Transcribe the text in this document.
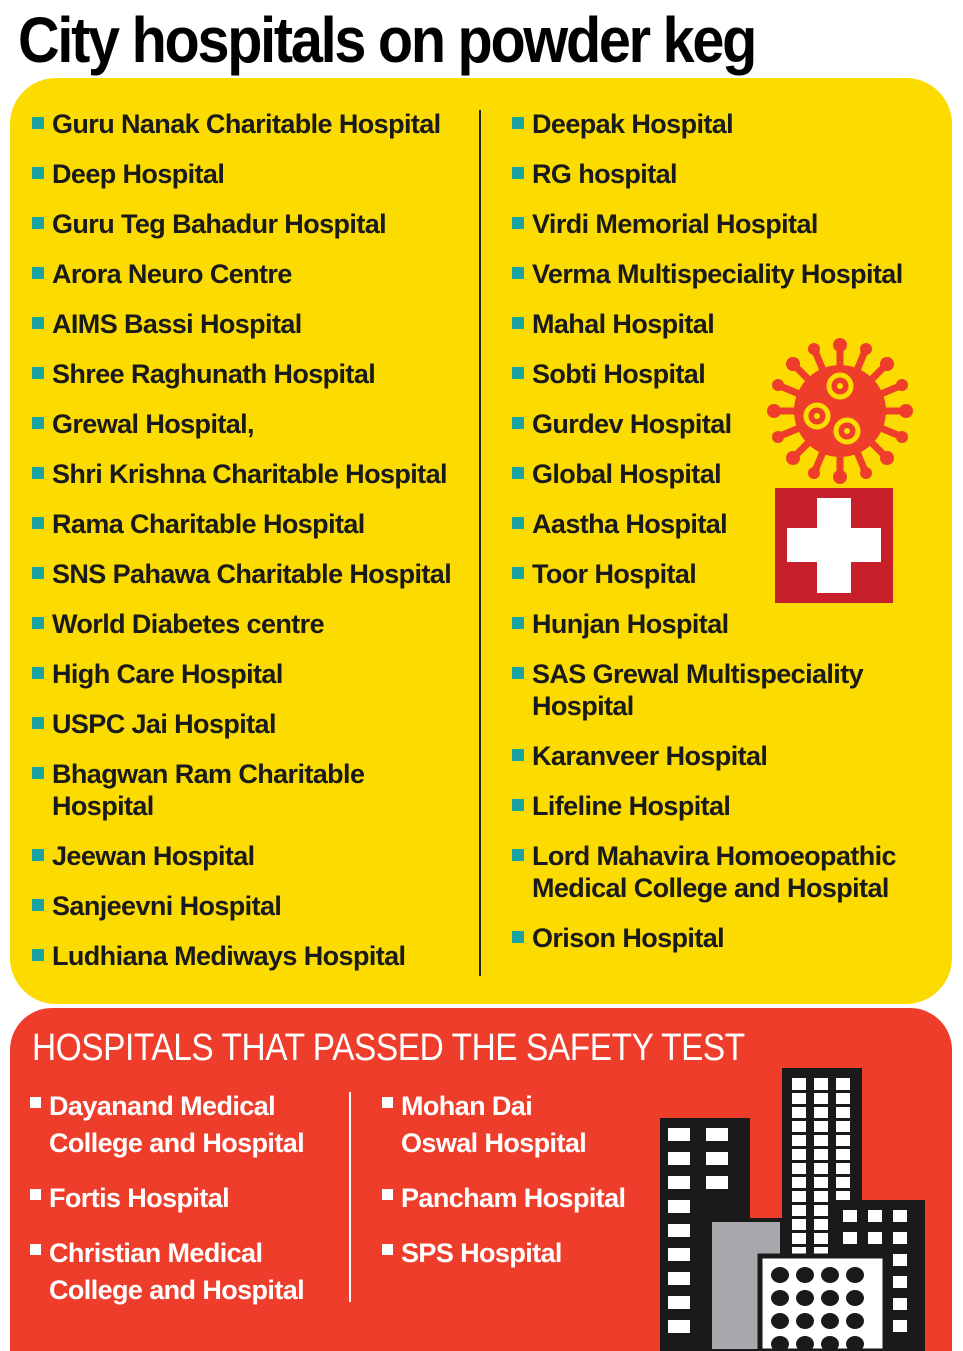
City hospitals on powder keg
Guru Nanak Charitable Hospital
Deep Hospital
Guru Teg Bahadur Hospital
Arora Neuro Centre
AIMS Bassi Hospital
Shree Raghunath Hospital
Grewal Hospital,
Shri Krishna Charitable Hospital
Rama Charitable Hospital
SNS Pahawa Charitable Hospital
World Diabetes centre
High Care Hospital
USPC Jai Hospital
Bhagwan Ram Charitable
Hospital
Jeewan Hospital
Sanjeevni Hospital
Ludhiana Mediways Hospital
Deepak Hospital
RG hospital
Virdi Memorial Hospital
Verma Multispeciality Hospital
Mahal Hospital
Sobti Hospital
Gurdev Hospital
Global Hospital
Aastha Hospital
Toor Hospital
Hunjan Hospital
SAS Grewal Multispeciality
Hospital
Karanveer Hospital
Lifeline Hospital
Lord Mahavira Homoeopathic
Medical College and Hospital
Orison Hospital
HOSPITALS THAT PASSED THE SAFETY TEST
Dayanand Medical
College and Hospital
Fortis Hospital
Christian Medical
College and Hospital
Mohan Dai
Oswal Hospital
Pancham Hospital
SPS Hospital
